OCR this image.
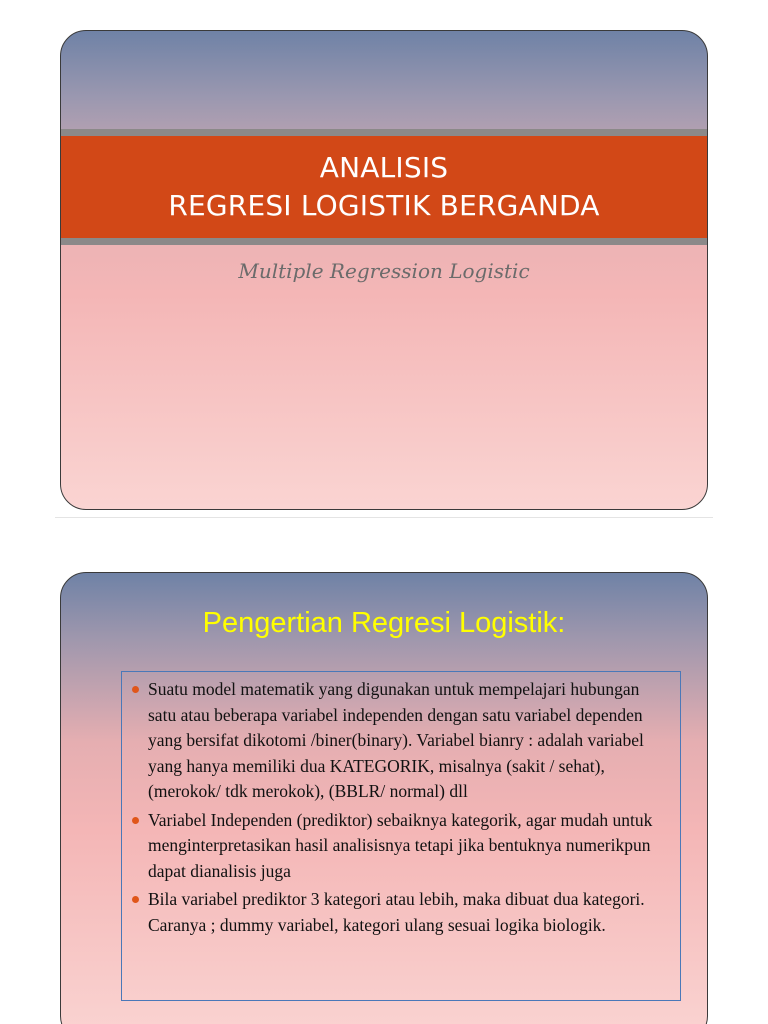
ANALISIS
REGRESI LOGISTIK BERGANDA
Multiple Regression Logistic
Pengertian Regresi Logistik:
Suatu model matematik yang digunakan untuk mempelajari hubungan satu atau beberapa variabel independen dengan satu variabel dependen yang bersifat dikotomi /biner(binary). Variabel bianry : adalah variabel yang hanya memiliki dua KATEGORIK, misalnya (sakit / sehat), (merokok/ tdk merokok), (BBLR/ normal) dll
Variabel Independen (prediktor) sebaiknya kategorik, agar mudah untuk menginterpretasikan hasil analisisnya tetapi jika bentuknya numerikpun dapat dianalisis juga
Bila variabel prediktor 3 kategori atau lebih, maka dibuat dua kategori. Caranya ; dummy variabel, kategori ulang sesuai logika biologik.
